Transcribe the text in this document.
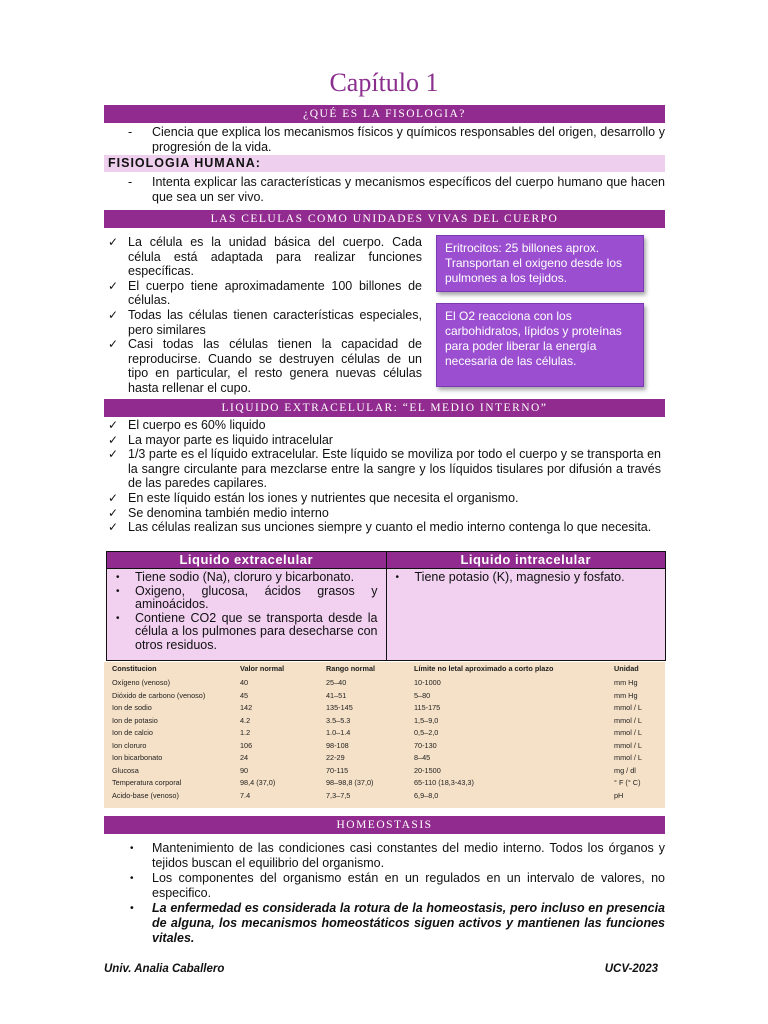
Capítulo 1
¿QUÉ ES LA FISOLOGIA?
- Ciencia que explica los mecanismos físicos y químicos responsables del origen, desarrollo y progresión de la vida.
FISIOLOGIA HUMANA:
- Intenta explicar las características y mecanismos específicos del cuerpo humano que hacen que sea un ser vivo.
LAS CELULAS COMO UNIDADES VIVAS DEL CUERPO
✓ La célula es la unidad básica del cuerpo. Cada célula está adaptada para realizar funciones específicas.
✓ El cuerpo tiene aproximadamente 100 billones de células.
✓ Todas las células tienen características especiales, pero similares
✓ Casi todas las células tienen la capacidad de reproducirse. Cuando se destruyen células de un tipo en particular, el resto genera nuevas células hasta rellenar el cupo.
Eritrocitos: 25 billones aprox. Transportan el oxigeno desde los pulmones a los tejidos.
El O2 reacciona con los carbohidratos, lípidos y proteínas para poder liberar la energía necesaria de las células.
LIQUIDO EXTRACELULAR: “EL MEDIO INTERNO”
✓ El cuerpo es 60% liquido
✓ La mayor parte es liquido intracelular
✓ 1/3 parte es el líquido extracelular. Este líquido se moviliza por todo el cuerpo y se transporta en la sangre circulante para mezclarse entre la sangre y los líquidos tisulares por difusión a través de las paredes capilares.
✓ En este líquido están los iones y nutrientes que necesita el organismo.
✓ Se denomina también medio interno
✓ Las células realizan sus unciones siempre y cuanto el medio interno contenga lo que necesita.
Liquido extracelular
• Tiene sodio (Na), cloruro y bicarbonato.
• Oxigeno, glucosa, ácidos grasos y aminoácidos.
• Contiene CO2 que se transporta desde la célula a los pulmones para desecharse con otros residuos.
Liquido intracelular
• Tiene potasio (K), magnesio y fosfato.
Constitucion	Valor normal	Rango normal	Límite no letal aproximado a corto plazo	Unidad
Oxígeno (venoso)	40	25–40	10-1000	mm Hg
Dióxido de carbono (venoso)	45	41–51	5–80	mm Hg
Ion de sodio	142	135-145	115-175	mmol / L
Ion de potasio	4.2	3.5–5.3	1,5–9,0	mmol / L
Ion de calcio	1.2	1.0–1.4	0,5–2,0	mmol / L
Ion cloruro	106	98-108	70-130	mmol / L
Ion bicarbonato	24	22-29	8–45	mmol / L
Glucosa	90	70-115	20-1500	mg / dl
Temperatura corporal	98,4 (37,0)	98–98,8 (37,0)	65-110 (18,3-43,3)	° F (° C)
Acido-base (venoso)	7.4	7,3–7,5	6,9–8,0	pH
HOMEOSTASIS
• Mantenimiento de las condiciones casi constantes del medio interno. Todos los órganos y tejidos buscan el equilibrio del organismo.
• Los componentes del organismo están en un regulados en un intervalo de valores, no especifico.
• La enfermedad es considerada la rotura de la homeostasis, pero incluso en presencia de alguna, los mecanismos homeostáticos siguen activos y mantienen las funciones vitales.
Univ. Analia Caballero	UCV-2023
